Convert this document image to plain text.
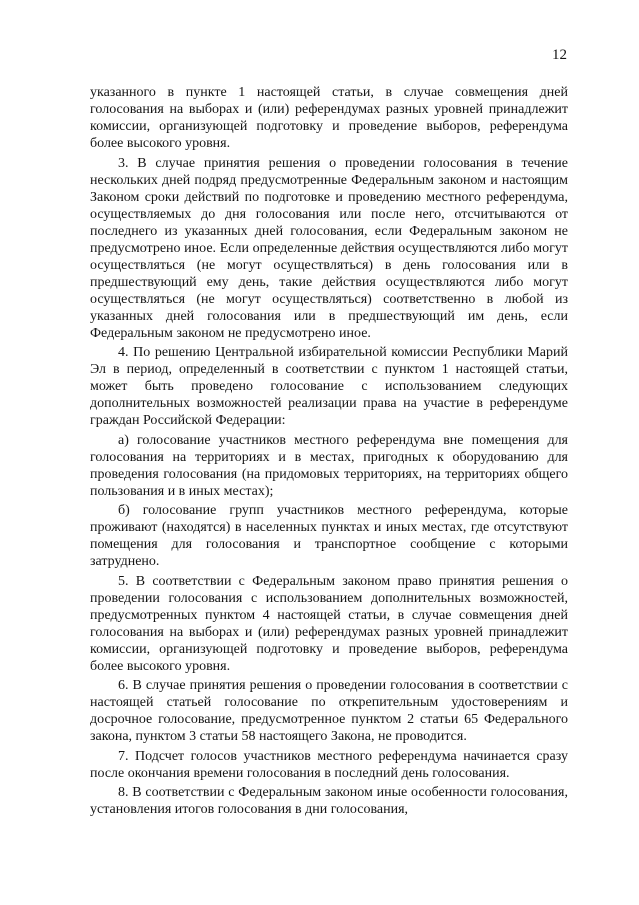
12

указанного в пункте 1 настоящей статьи, в случае совмещения дней голосования на выборах и (или) референдумах разных уровней принадлежит комиссии, организующей подготовку и проведение выборов, референдума более высокого уровня.

3. В случае принятия решения о проведении голосования в течение нескольких дней подряд предусмотренные Федеральным законом и настоящим Законом сроки действий по подготовке и проведению местного референдума, осуществляемых до дня голосования или после него, отсчитываются от последнего из указанных дней голосования, если Федеральным законом не предусмотрено иное. Если определенные действия осуществляются либо могут осуществляться (не могут осуществляться) в день голосования или в предшествующий ему день, такие действия осуществляются либо могут осуществляться (не могут осуществляться) соответственно в любой из указанных дней голосования или в предшествующий им день, если Федеральным законом не предусмотрено иное.

4. По решению Центральной избирательной комиссии Республики Марий Эл в период, определенный в соответствии с пунктом 1 настоящей статьи, может быть проведено голосование с использованием следующих дополнительных возможностей реализации права на участие в референдуме граждан Российской Федерации:

а) голосование участников местного референдума вне помещения для голосования на территориях и в местах, пригодных к оборудованию для проведения голосования (на придомовых территориях, на территориях общего пользования и в иных местах);

б) голосование групп участников местного референдума, которые проживают (находятся) в населенных пунктах и иных местах, где отсутствуют помещения для голосования и транспортное сообщение с которыми затруднено.

5. В соответствии с Федеральным законом право принятия решения о проведении голосования с использованием дополнительных возможностей, предусмотренных пунктом 4 настоящей статьи, в случае совмещения дней голосования на выборах и (или) референдумах разных уровней принадлежит комиссии, организующей подготовку и проведение выборов, референдума более высокого уровня.

6. В случае принятия решения о проведении голосования в соответствии с настоящей статьей голосование по открепительным удостоверениям и досрочное голосование, предусмотренное пунктом 2 статьи 65 Федерального закона, пунктом 3 статьи 58 настоящего Закона, не проводится.

7. Подсчет голосов участников местного референдума начинается сразу после окончания времени голосования в последний день голосования.

8. В соответствии с Федеральным законом иные особенности голосования, установления итогов голосования в дни голосования,
